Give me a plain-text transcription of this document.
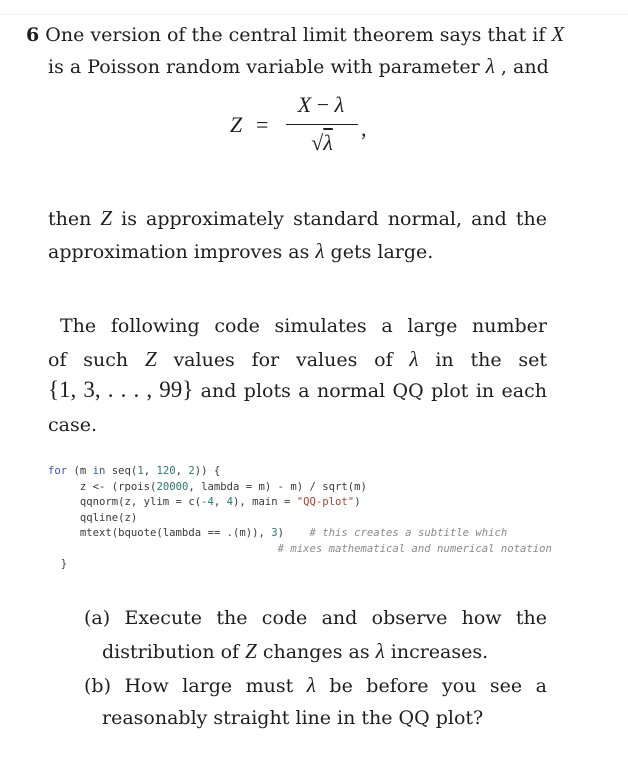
6 One version of the central limit theorem says that if X
is a Poisson random variable with parameter λ , and
Z =
X − λ
√λ
,
then Z is approximately standard normal, and the
approximation improves as λ gets large.
The following code simulates a large number
of such Z values for values of λ in the set
{1, 3, . . . , 99} and plots a normal QQ plot in each
case.
for (m in seq(1, 120, 2)) {
z <- (rpois(20000, lambda = m) - m) / sqrt(m)
qqnorm(z, ylim = c(-4, 4), main = "QQ-plot")
qqline(z)
mtext(bquote(lambda == .(m)), 3)    # this creates a subtitle which
# mixes mathematical and numerical notation
}
(a) Execute the code and observe how the
distribution of Z changes as λ increases.
(b) How large must λ be before you see a
reasonably straight line in the QQ plot?
